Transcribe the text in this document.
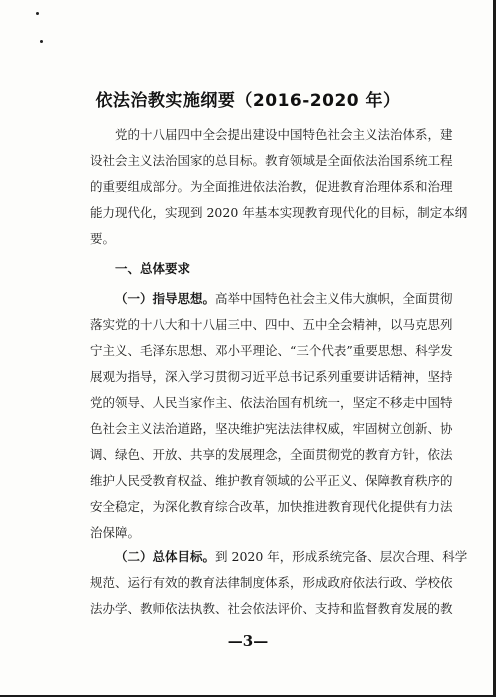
依法治教实施纲要（2016-2020 年）
党的十八届四中全会提出建设中国特色社会主义法治体系，建
设社会主义法治国家的总目标。教育领域是全面依法治国系统工程
的重要组成部分。为全面推进依法治教，促进教育治理体系和治理
能力现代化，实现到 2020 年基本实现教育现代化的目标，制定本纲
要。
一、总体要求
（一）指导思想。高举中国特色社会主义伟大旗帜，全面贯彻
落实党的十八大和十八届三中、四中、五中全会精神，以马克思列
宁主义、毛泽东思想、邓小平理论、“三个代表”重要思想、科学发
展观为指导，深入学习贯彻习近平总书记系列重要讲话精神，坚持
党的领导、人民当家作主、依法治国有机统一，坚定不移走中国特
色社会主义法治道路，坚决维护宪法法律权威，牢固树立创新、协
调、绿色、开放、共享的发展理念，全面贯彻党的教育方针，依法
维护人民受教育权益、维护教育领域的公平正义、保障教育秩序的
安全稳定，为深化教育综合改革，加快推进教育现代化提供有力法
治保障。
（二）总体目标。到 2020 年，形成系统完备、层次合理、科学
规范、运行有效的教育法律制度体系，形成政府依法行政、学校依
法办学、教师依法执教、社会依法评价、支持和监督教育发展的教
—3—
